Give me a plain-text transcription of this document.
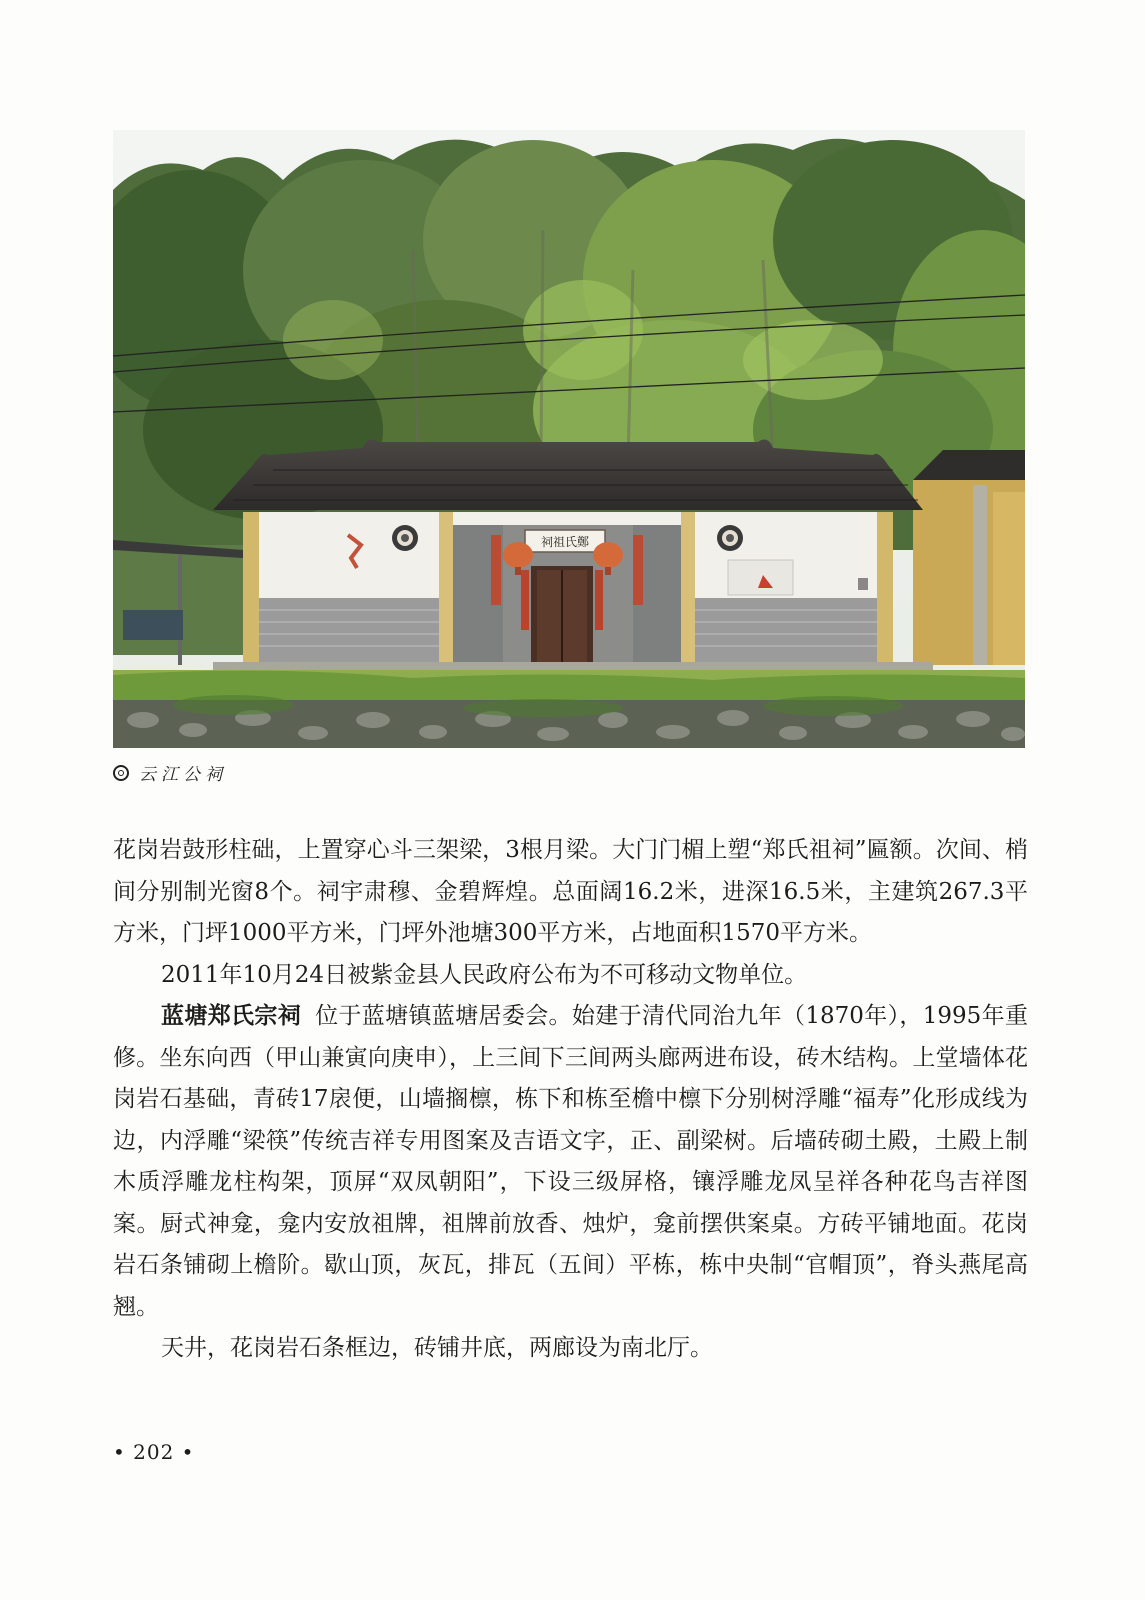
祠祖氏鄭
云江公祠

花岗岩鼓形柱础，上置穿心斗三架梁，3根月梁。大门门楣上塑“郑氏祖祠”匾额。次间、梢间分别制光窗8个。祠宇肃穆、金碧辉煌。总面阔16.2米，进深16.5米，主建筑267.3平方米，门坪1000平方米，门坪外池塘300平方米，占地面积1570平方米。

2011年10月24日被紫金县人民政府公布为不可移动文物单位。

蓝塘郑氏宗祠 位于蓝塘镇蓝塘居委会。始建于清代同治九年（1870年），1995年重修。坐东向西（甲山兼寅向庚申），上三间下三间两头廊两进布设，砖木结构。上堂墙体花岗岩石基础，青砖17扆便，山墙搁檩，栋下和栋至檐中檩下分别树浮雕“福寿”化形成线为边，内浮雕“梁筷”传统吉祥专用图案及吉语文字，正、副梁树。后墙砖砌土殿，土殿上制木质浮雕龙柱构架，顶屏“双凤朝阳”，下设三级屏格，镶浮雕龙凤呈祥各种花鸟吉祥图案。厨式神龛，龛内安放祖牌，祖牌前放香、烛炉，龛前摆供案桌。方砖平铺地面。花岗岩石条铺砌上檐阶。歇山顶，灰瓦，排瓦（五间）平栋，栋中央制“官帽顶”，脊头燕尾高翘。

天井，花岗岩石条框边，砖铺井底，两廊设为南北厅。

• 202 •
